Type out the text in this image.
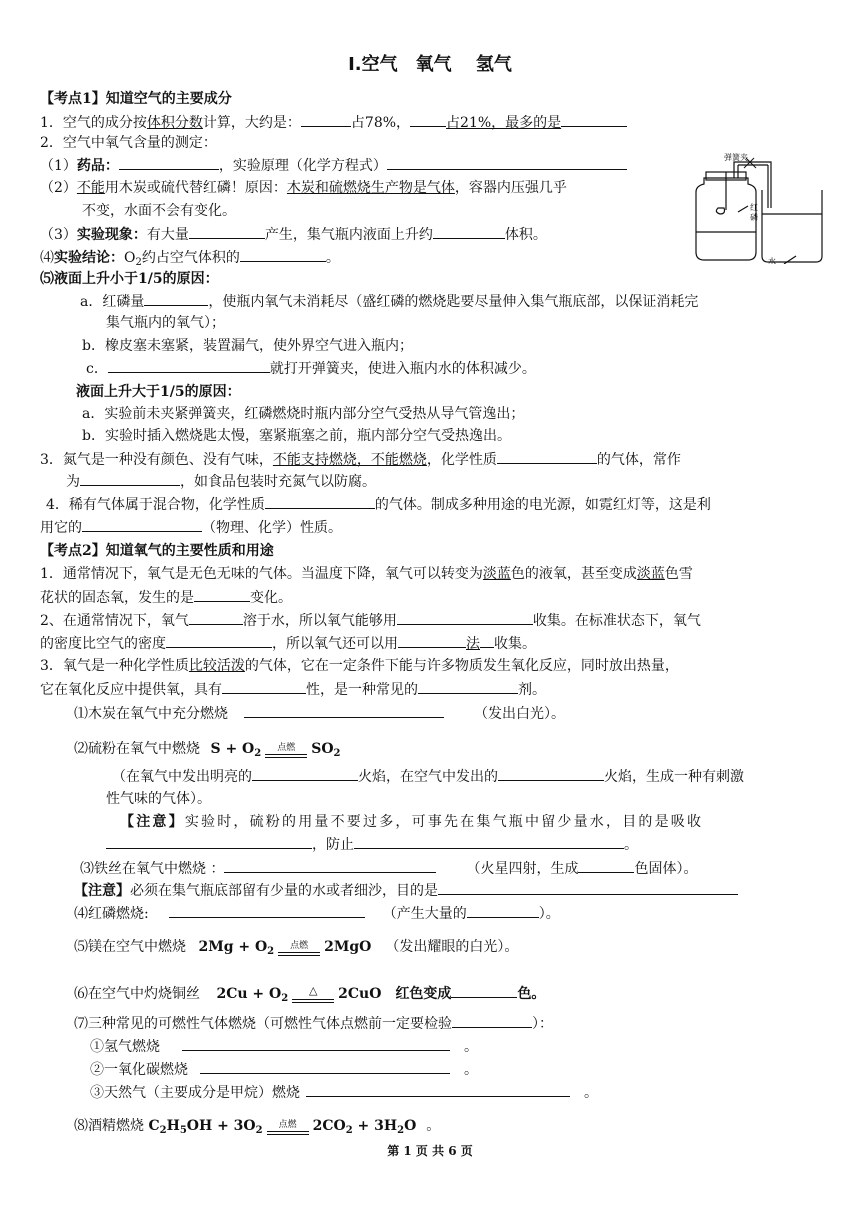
Ⅰ.空气　氧气　 氢气
【考点1】知道空气的主要成分
1．空气的成分按体积分数计算，大约是：	占78%，	占21%，最多的是
2．空气中氧气含量的测定：
（1）药品：	，实验原理（化学方程式）
（2）不能用木炭或硫代替红磷！原因：木炭和硫燃烧生产物是气体，容器内压强几乎
不变，水面不会有变化。
（3）实验现象：有大量	产生，集气瓶内液面上升约	体积。
⑷实验结论：$O_2$约占空气体积的	。
⑸液面上升小于1/5的原因：
a．红磷量	，使瓶内氧气未消耗尽（盛红磷的燃烧匙要尽量伸入集气瓶底部，以保证消耗完
集气瓶内的氧气）；
b．橡皮塞未塞紧，装置漏气，使外界空气进入瓶内；
c．	就打开弹簧夹，使进入瓶内水的体积减少。
液面上升大于1/5的原因：
a．实验前未夹紧弹簧夹，红磷燃烧时瓶内部分空气受热从导气管逸出；
b．实验时插入燃烧匙太慢，塞紧瓶塞之前，瓶内部分空气受热逸出。
3．氮气是一种没有颜色、没有气味，不能支持燃烧，不能燃烧，化学性质	的气体，常作
为	，如食品包装时充氮气以防腐。
4．稀有气体属于混合物，化学性质	的气体。制成多种用途的电光源，如霓红灯等，这是利
用它的	（物理、化学）性质。
弹簧夹
红
磷
水
【考点2】知道氧气的主要性质和用途
1．通常情况下，氧气是无色无味的气体。当温度下降，氧气可以转变为淡蓝色的液氧，甚至变成淡蓝色雪
花状的固态氧，发生的是	变化。
2、在通常情况下，氧气	溶于水，所以氧气能够用	收集。在标准状态下，氧气
的密度比空气的密度	，所以氧气还可以用	法 收集。
3．氧气是一种化学性质比较活泼的气体，它在一定条件下能与许多物质发生氧化反应，同时放出热量，
它在氧化反应中提供氧，具有	性，是一种常见的	剂。
⑴木炭在氧气中充分燃烧	（发出白光）。
⑵硫粉在氧气中燃烧 $S + O_2$	点燃	$SO_2$
（在氧气中发出明亮的	火焰，在空气中发出的	火焰，生成一种有刺激
性气味的气体）。
【注意】实验时，硫粉的用量不要过多，可事先在集气瓶中留少量水，目的是吸收
，防止	。
⑶铁丝在氧气中燃烧 ：	（火星四射，生成	色固体）。
【注意】必须在集气瓶底部留有少量的水或者细沙，目的是
⑷红磷燃烧:	（产生大量的	）。
⑸镁在空气中燃烧 $2Mg + O_2$	点燃	2MgO （发出耀眼的白光）。
⑹在空气中灼烧铜丝 $2Cu + O_2$
△	2CuO 红色变成	色。
⑺三种常见的可燃性气体燃烧（可燃性气体点燃前一定要检验	）：
①氢气燃烧	。
②一氧化碳燃烧	。
③天然气（主要成分是甲烷）燃烧	。
⑻酒精燃烧 $C_2H_5OH + 3O_2$	点燃	$2CO_2 + 3H_2O$ 。
第 1 页 共 6 页
